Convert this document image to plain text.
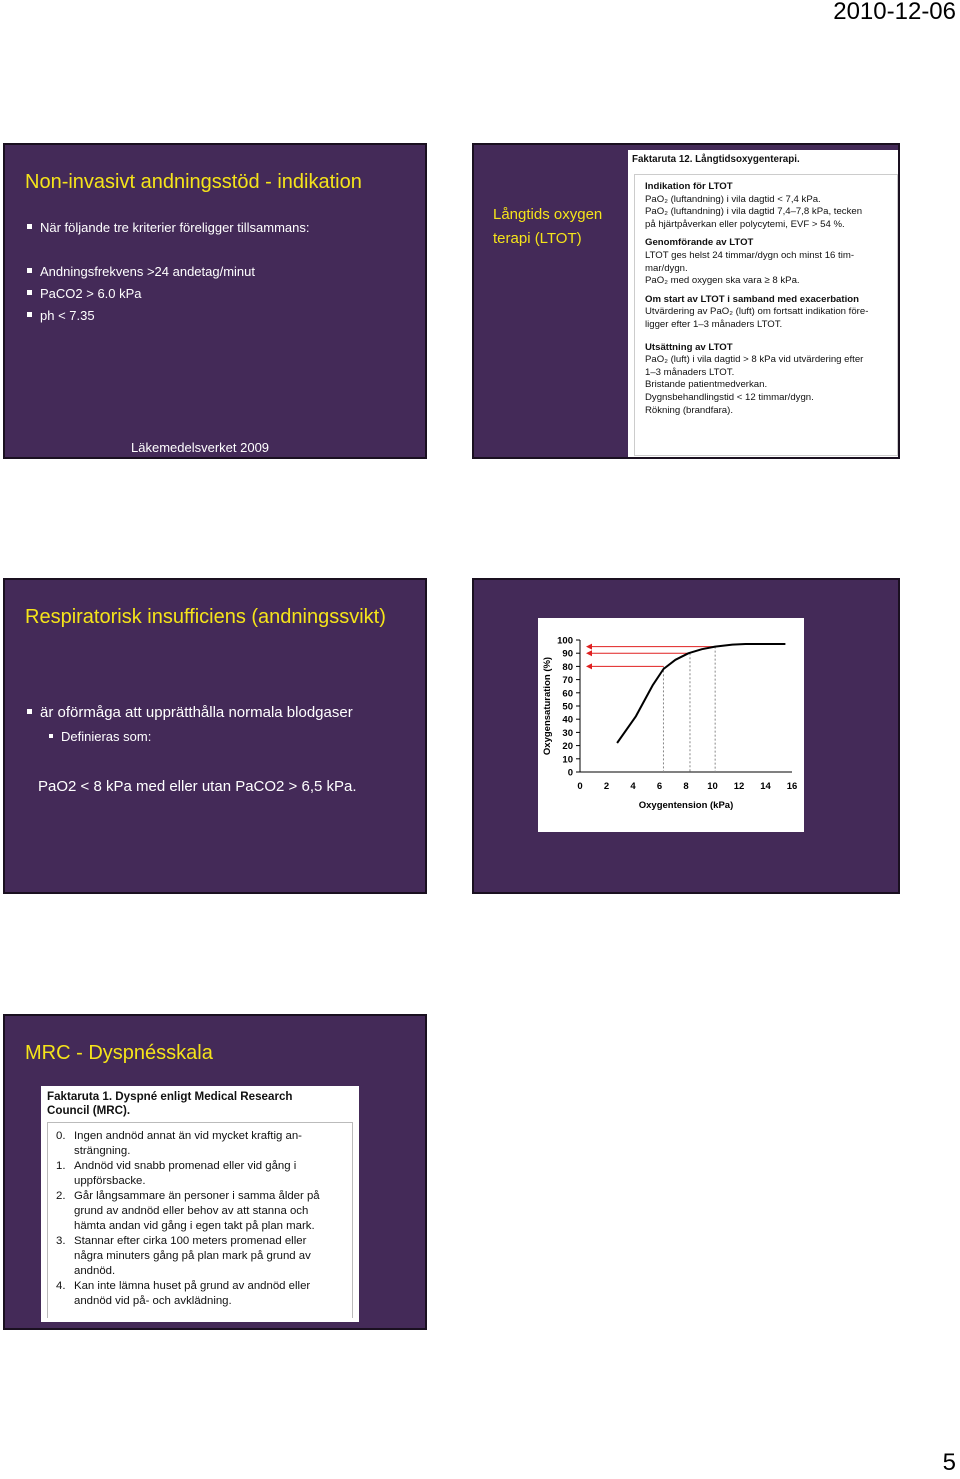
2010-12-06
Non-invasivt andningsstöd - indikation
När följande tre kriterier föreligger tillsammans:
Andningsfrekvens >24 andetag/minut
PaCO2 > 6.0 kPa
ph < 7.35
Läkemedelsverket 2009
Långtids oxygen
terapi (LTOT)
Faktaruta 12. Långtidsoxygenterapi.
Indikation för LTOT

PaO₂ (luftandning) i vila dagtid < 7,4 kPa.

PaO₂ (luftandning) i vila dagtid 7,4–7,8 kPa, tecken

på hjärtpåverkan eller polycytemi, EVF > 54 %.

Genomförande av LTOT

LTOT ges helst 24 timmar/dygn och minst 16 tim-

mar/dygn.

PaO₂ med oxygen ska vara ≥ 8 kPa.

Om start av LTOT i samband med exacerbation

Utvärdering av PaO₂ (luft) om fortsatt indikation före-

ligger efter 1–3 månaders LTOT.

Utsättning av LTOT

PaO₂ (luft) i vila dagtid > 8 kPa vid utvärdering efter

1–3 månaders LTOT.

Bristande patientmedverkan.

Dygnsbehandlingstid < 12 timmar/dygn.

Rökning (brandfara).

Respiratorisk insufficiens (andningssvikt)
är oförmåga att upprätthålla normala blodgaser
Definieras som:
PaO2 < 8 kPa med eller utan PaCO2 > 6,5 kPa.
0
10
20
30
40
50
60
70
80
90
100
0 2 4 6 8 10 12 14 16
Oxygentension (kPa)
Oxygensaturation (%)
MRC - Dyspnésskala
Faktaruta 1. Dyspné enligt Medical Research
Council (MRC).
0. Ingen andnöd annat än vid mycket kraftig an-
strängning.
1. Andnöd vid snabb promenad eller vid gång i
uppförsbacke.
2. Går långsammare än personer i samma ålder på
grund av andnöd eller behov av att stanna och
hämta andan vid gång i egen takt på plan mark.
3. Stannar efter cirka 100 meters promenad eller
några minuters gång på plan mark på grund av
andnöd.
4. Kan inte lämna huset på grund av andnöd eller
andnöd vid på- och avklädning.
5
